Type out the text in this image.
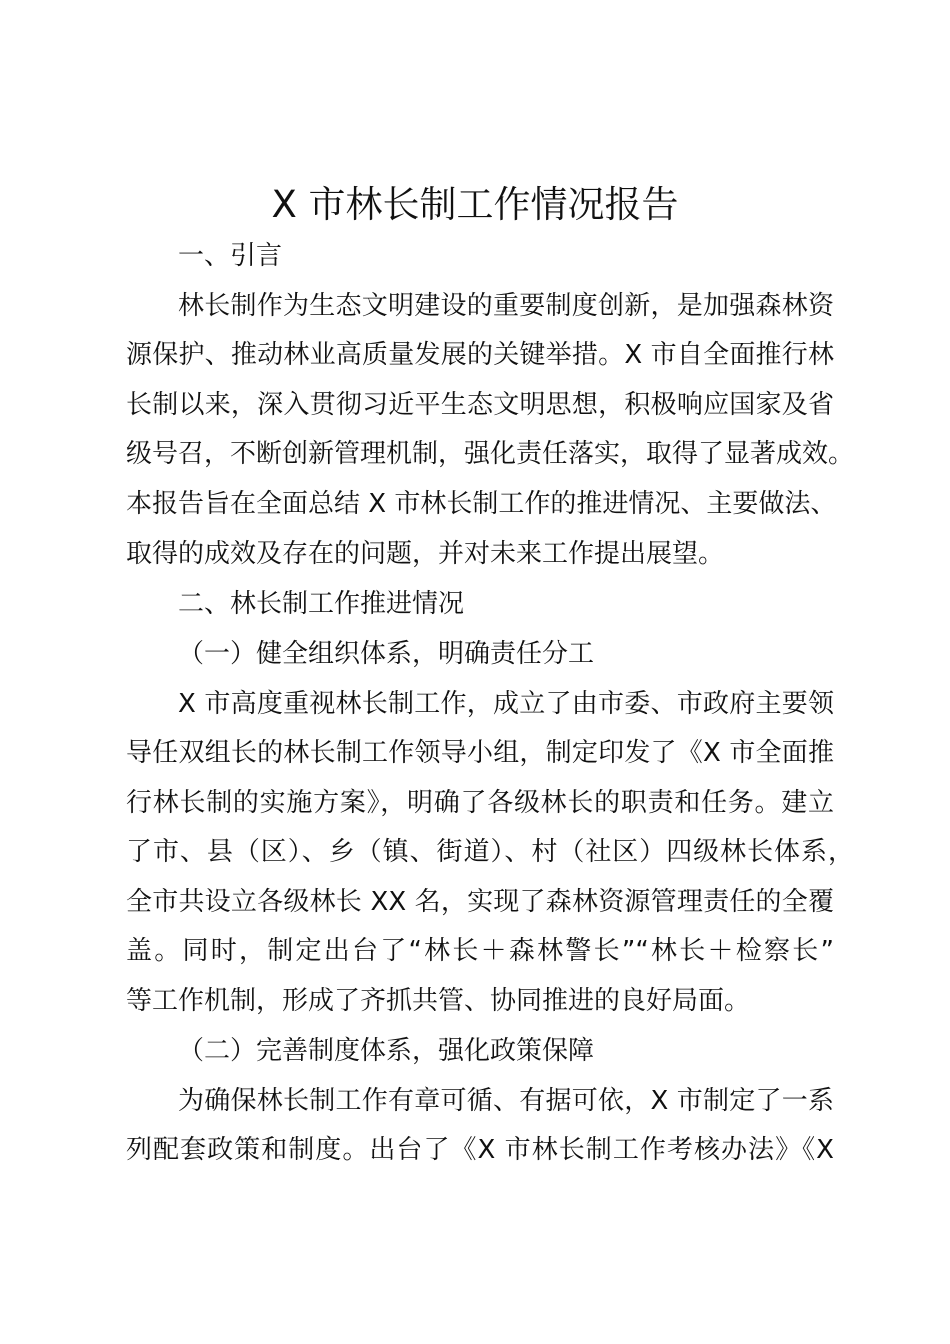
X 市林长制工作情况报告
一、引言
林长制作为生态文明建设的重要制度创新，是加强森林资
源保护、推动林业高质量发展的关键举措。X 市自全面推行林
长制以来，深入贯彻习近平生态文明思想，积极响应国家及省
级号召，不断创新管理机制，强化责任落实，取得了显著成效。
本报告旨在全面总结 X 市林长制工作的推进情况、主要做法、
取得的成效及存在的问题，并对未来工作提出展望。
二、林长制工作推进情况
（一）健全组织体系，明确责任分工
X 市高度重视林长制工作，成立了由市委、市政府主要领
导任双组长的林长制工作领导小组，制定印发了《X 市全面推
行林长制的实施方案》，明确了各级林长的职责和任务。建立
了市、县（区）、乡（镇、街道）、村（社区）四级林长体系，
全市共设立各级林长 XX 名，实现了森林资源管理责任的全覆
盖。同时，制定出台了“林长＋森林警长”“林长＋检察长”
等工作机制，形成了齐抓共管、协同推进的良好局面。
（二）完善制度体系，强化政策保障
为确保林长制工作有章可循、有据可依，X 市制定了一系
列配套政策和制度。出台了《X 市林长制工作考核办法》《X
